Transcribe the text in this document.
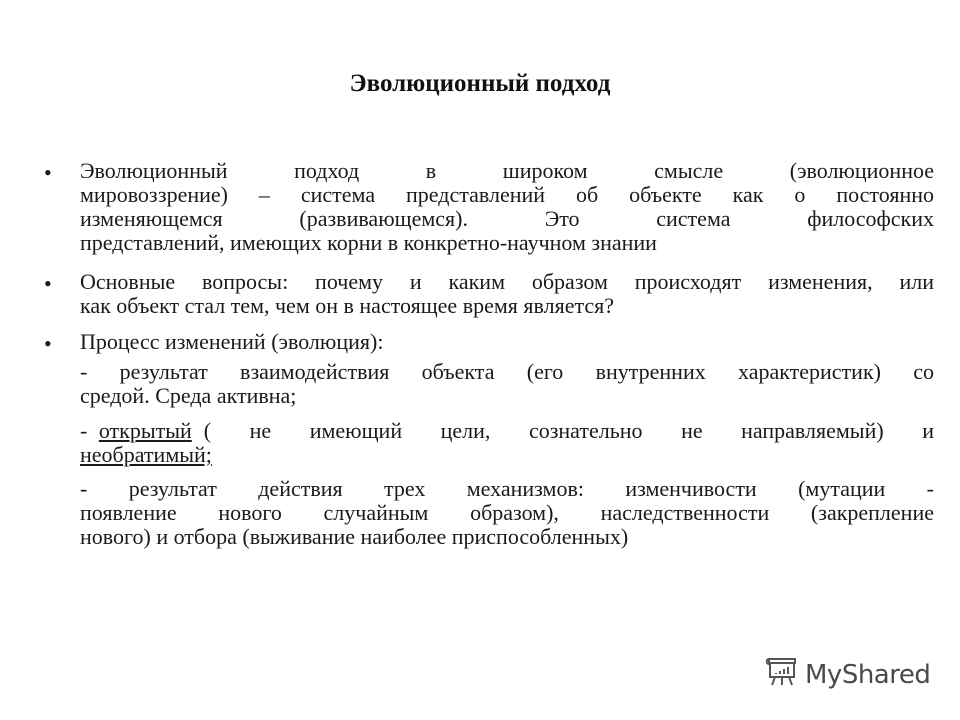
Эволюционный подход
• Эволюционный подход в широком смысле (эволюционное
мировоззрение) – система представлений об объекте как о постоянно
изменяющемся (развивающемся). Это система философских
представлений, имеющих корни в конкретно-научном знании
• Основные вопросы: почему и каким образом происходят изменения, или
как объект стал тем, чем он в настоящее время является?
• Процесс изменений (эволюция):
- результат взаимодействия объекта (его внутренних характеристик) со
средой. Среда активна;
- открытый ( не имеющий цели, сознательно не направляемый) и
необратимый;
- результат действия трех механизмов: изменчивости (мутации -
появление нового случайным образом), наследственности (закрепление
нового) и отбора (выживание наиболее приспособленных)
MyShared
